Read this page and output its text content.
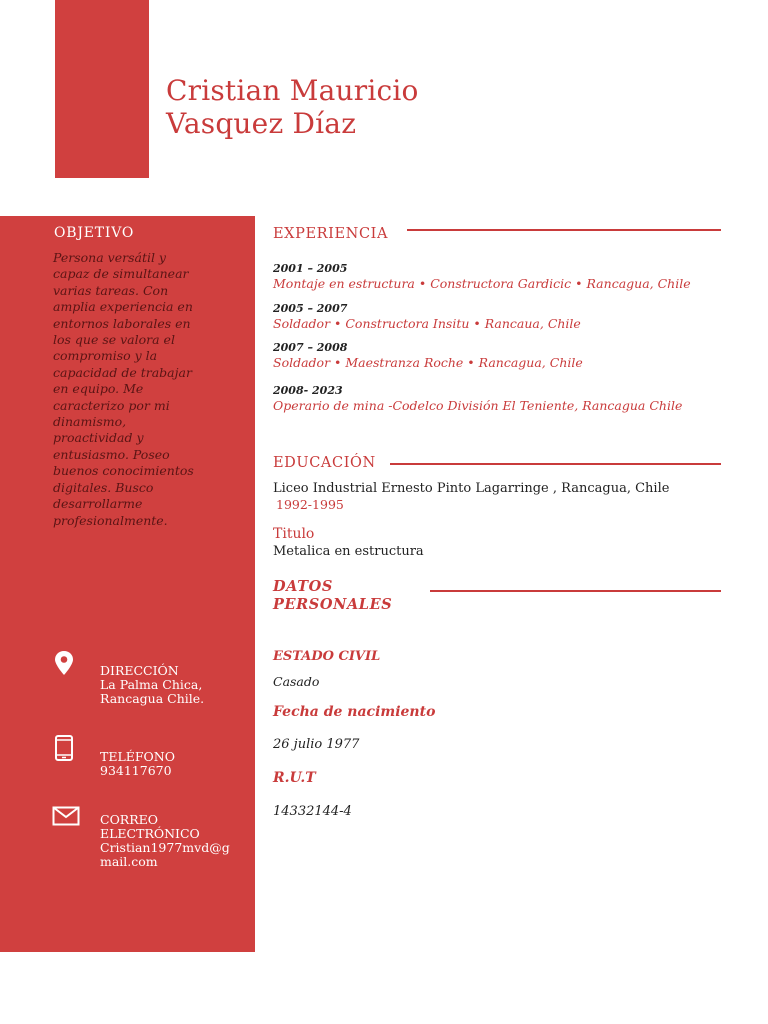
Cristian Mauricio
Vasquez Díaz
OBJETIVO
Persona versátil y capaz de simultanear varias tareas. Con amplia experiencia en entornos laborales en los que se valora el compromiso y la capacidad de trabajar en equipo. Me caracterizo por mi dinamismo, proactividad y entusiasmo. Poseo buenos conocimientos digitales. Busco desarrollarme profesionalmente.
DIRECCIÓN
La Palma Chica,
Rancagua Chile.
TELÉFONO
934117670
CORREO
ELECTRÓNICO
Cristian1977mvd@g
mail.com
EXPERIENCIA
2001 – 2005
Montaje en estructura • Constructora Gardicic • Rancagua, Chile
2005 – 2007
Soldador • Constructora Insitu • Rancaua, Chile
2007 – 2008
Soldador • Maestranza Roche • Rancagua, Chile
2008- 2023
Operario de mina -Codelco División El Teniente, Rancagua Chile
EDUCACIÓN
Liceo Industrial Ernesto Pinto Lagarringe , Rancagua, Chile
1992-1995
Titulo
Metalica en estructura
DATOS
PERSONALES
ESTADO CIVIL
Casado
Fecha de nacimiento
26 julio 1977
R.U.T
14332144-4
